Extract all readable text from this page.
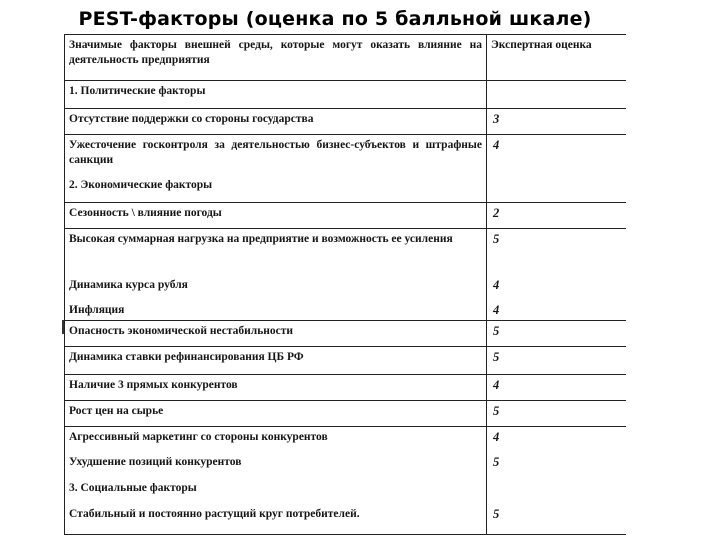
PEST-факторы (оценка по 5 балльной шкале)
Значимые факторы внешней среды, которые могут оказать влияние на деятельность предприятия	Экспертная оценка
1. Политические факторы	
Отсутствие поддержки со стороны государства	3
Ужесточение госконтроля за деятельностью бизнес-субъектов и штрафные санкции	4
2. Экономические факторы	
Сезонность \ влияние погоды	2
Высокая суммарная нагрузка на предприятие и возможность ее усиления	5
Динамика курса рубля	4
Инфляция	4
Опасность экономической нестабильности	5
Динамика ставки рефинансирования ЦБ РФ	5
Наличие 3 прямых конкурентов	4
Рост цен на сырье	5
Агрессивный маркетинг со стороны конкурентов	4
Ухудшение позиций конкурентов	5
3. Социальные факторы	
Стабильный и постоянно растущий круг потребителей.	5
